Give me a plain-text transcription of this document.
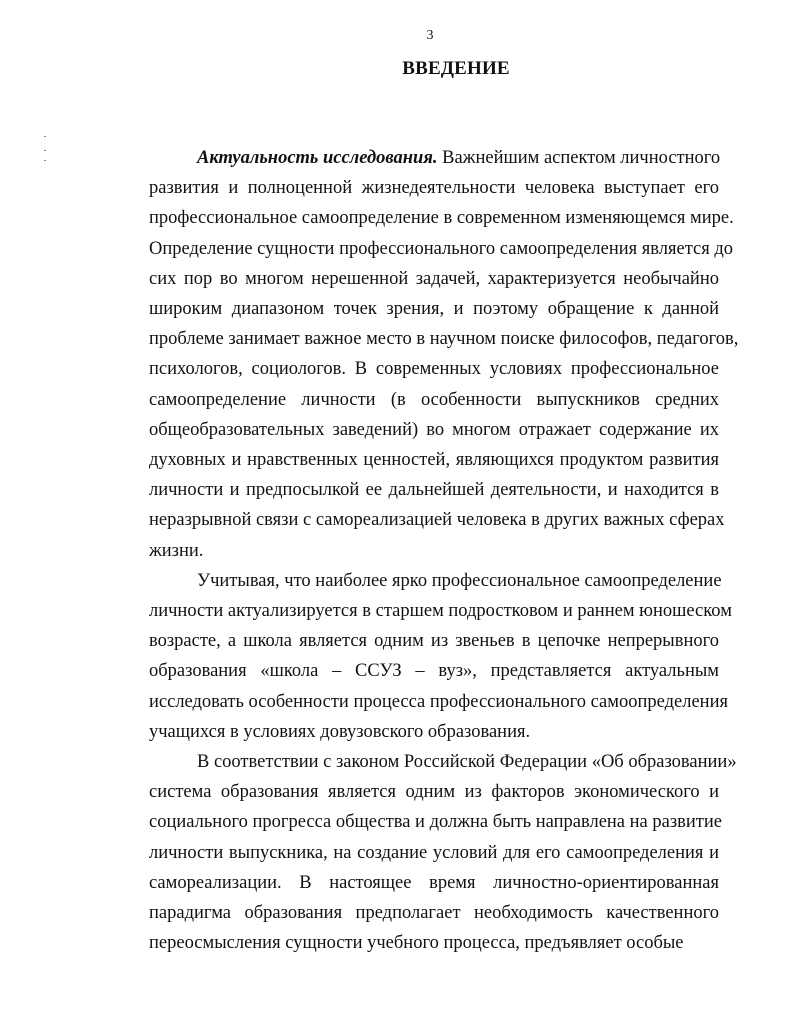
3
ВВЕДЕНИЕ
Актуальность исследования. Важнейшим аспектом личностного
развития и полноценной жизнедеятельности человека выступает его
профессиональное самоопределение в современном изменяющемся мире.
Определение сущности профессионального самоопределения является до
сих пор во многом нерешенной задачей, характеризуется необычайно
широким диапазоном точек зрения, и поэтому обращение к данной
проблеме занимает важное место в научном поиске философов, педагогов,
психологов, социологов. В современных условиях профессиональное
самоопределение личности (в особенности выпускников средних
общеобразовательных заведений) во многом отражает содержание их
духовных и нравственных ценностей, являющихся продуктом развития
личности и предпосылкой ее дальнейшей деятельности, и находится в
неразрывной связи с самореализацией человека в других важных сферах
жизни.
Учитывая, что наиболее ярко профессиональное самоопределение
личности актуализируется в старшем подростковом и раннем юношеском
возрасте, а школа является одним из звеньев в цепочке непрерывного
образования «школа – ССУЗ – вуз», представляется актуальным
исследовать особенности процесса профессионального самоопределения
учащихся в условиях довузовского образования.
В соответствии с законом Российской Федерации «Об образовании»
система образования является одним из факторов экономического и
социального прогресса общества и должна быть направлена на развитие
личности выпускника, на создание условий для его самоопределения и
самореализации. В настоящее время личностно-ориентированная
парадигма образования предполагает необходимость качественного
переосмысления сущности учебного процесса, предъявляет особые
